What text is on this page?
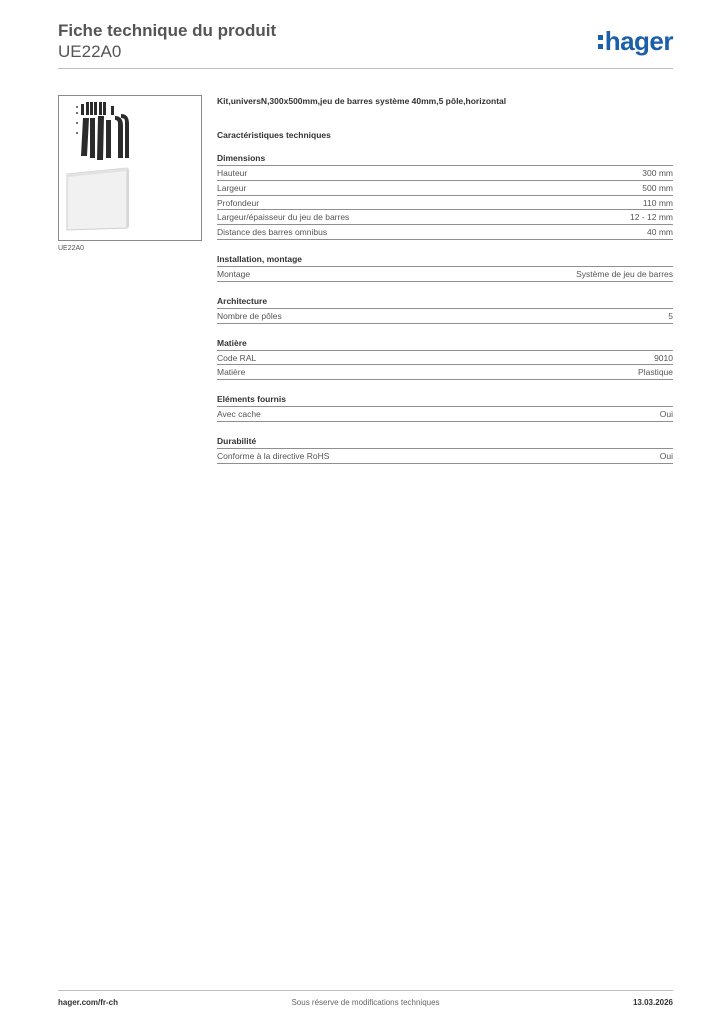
Fiche technique du produit
UE22A0	hager
UE22A0
Kit,universN,300x500mm,jeu de barres système 40mm,5 pôle,horizontal
Caractéristiques techniques
Dimensions
Hauteur	300 mm
Largeur	500 mm
Profondeur	110 mm
Largeur/épaisseur du jeu de barres	12 - 12 mm
Distance des barres omnibus	40 mm
Installation, montage
Montage	Système de jeu de barres
Architecture
Nombre de pôles	5
Matière
Code RAL	9010
Matière	Plastique
Eléments fournis
Avec cache	Oui
Durabilité
Conforme à la directive RoHS	Oui
hager.com/fr-ch	Sous réserve de modifications techniques	13.03.2026
